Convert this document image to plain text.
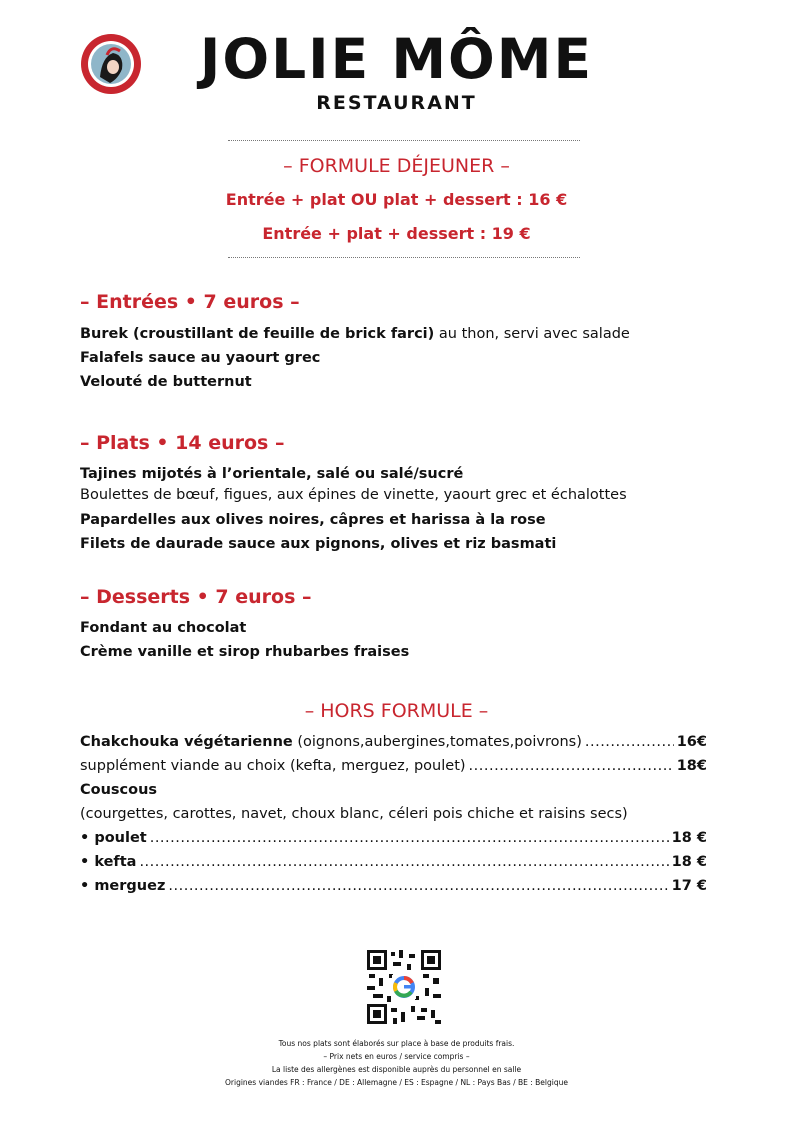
JOLIE MÔME
RESTAURANT
– FORMULE DÉJEUNER –
Entrée + plat OU plat + dessert : 16 €
Entrée + plat + dessert : 19 €
– Entrées • 7 euros –
Burek (croustillant de feuille de brick farci) au thon, servi avec salade
Falafels sauce au yaourt grec
Velouté de butternut
– Plats • 14 euros –
Tajines mijotés à l’orientale, salé ou salé/sucré
Boulettes de bœuf, figues, aux épines de vinette, yaourt grec et échalottes
Papardelles aux olives noires, câpres et harissa à la rose
Filets de daurade sauce aux pignons, olives et riz basmati
– Desserts • 7 euros –
Fondant au chocolat
Crème vanille et sirop rhubarbes fraises
– HORS FORMULE –
Chakchouka végétarienne (oignons,aubergines,tomates,poivrons) .....	16€
supplément viande au choix (kefta, merguez, poulet) .....	18€
Couscous
(courgettes, carottes, navet, choux blanc, céleri pois chiche et raisins secs)
• poulet .....	18 €
• kefta .....	18 €
• merguez .....	17 €
Tous nos plats sont élaborés sur place à base de produits frais.
– Prix nets en euros / service compris –
La liste des allergènes est disponible auprès du personnel en salle
Origines viandes FR : France / DE : Allemagne / ES : Espagne / NL : Pays Bas / BE : Belgique
